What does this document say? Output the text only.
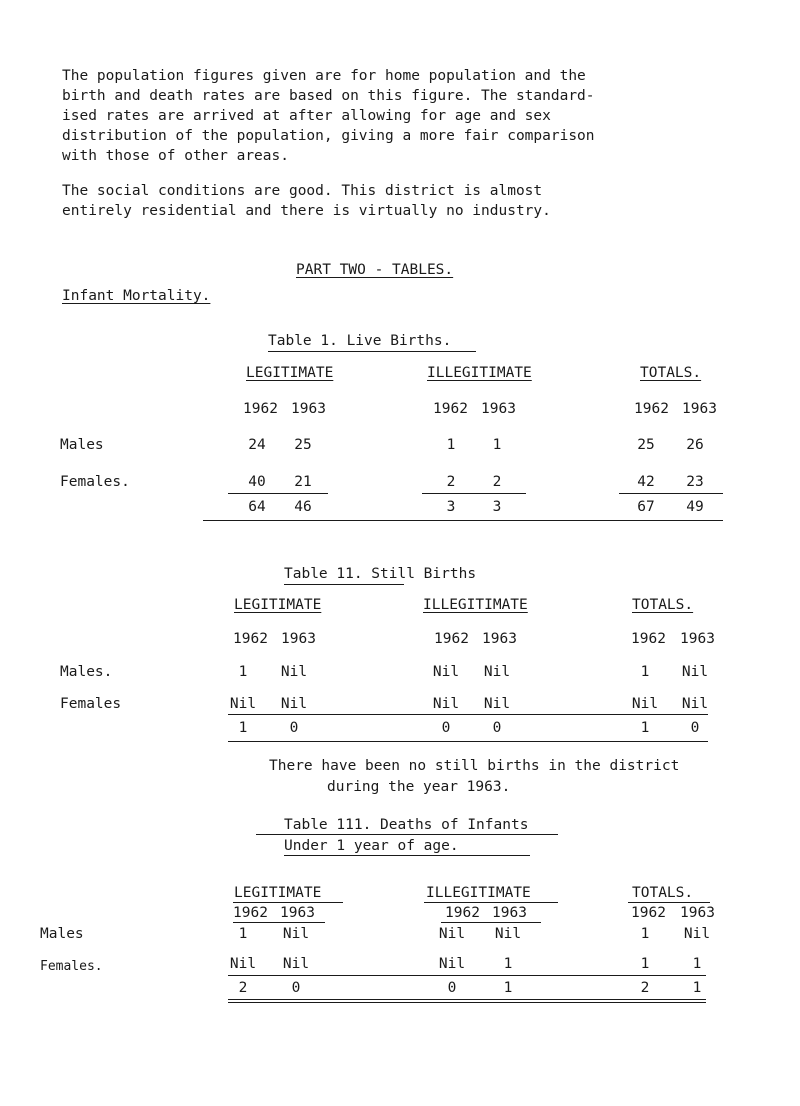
The population figures given are for home population and the
birth and death rates are based on this figure. The standard-
ised rates are arrived at after allowing for age and sex
distribution of the population, giving a more fair comparison
with those of other areas.
The social conditions are good. This district is almost
entirely residential and there is virtually no industry.
PART TWO - TABLES.
Infant Mortality.
Table 1. Live Births.
LEGITIMATE	ILLEGITIMATE	TOTALS.
1962 1963	1962 1963	1962 1963
Males	24	25	1	1	25	26
Females.	40	21	2	2	42	23
64	46	3	3	67	49
Table 11. Still Births
LEGITIMATE	ILLEGITIMATE	TOTALS.
1962 1963	1962 1963	1962 1963
Males.	1	Nil	Nil	Nil	1	Nil
Females	Nil	Nil	Nil	Nil	Nil	Nil
1	0	0	0	1	0
There have been no still births in the district
during the year 1963.
Table 111. Deaths of Infants
Under 1 year of age.
LEGITIMATE	ILLEGITIMATE	TOTALS.
1962 1963	1962 1963	1962 1963
Males	1	Nil	Nil	Nil	1	Nil
Females.	Nil	Nil	Nil	1	1	1
2	0	0	1	2	1
